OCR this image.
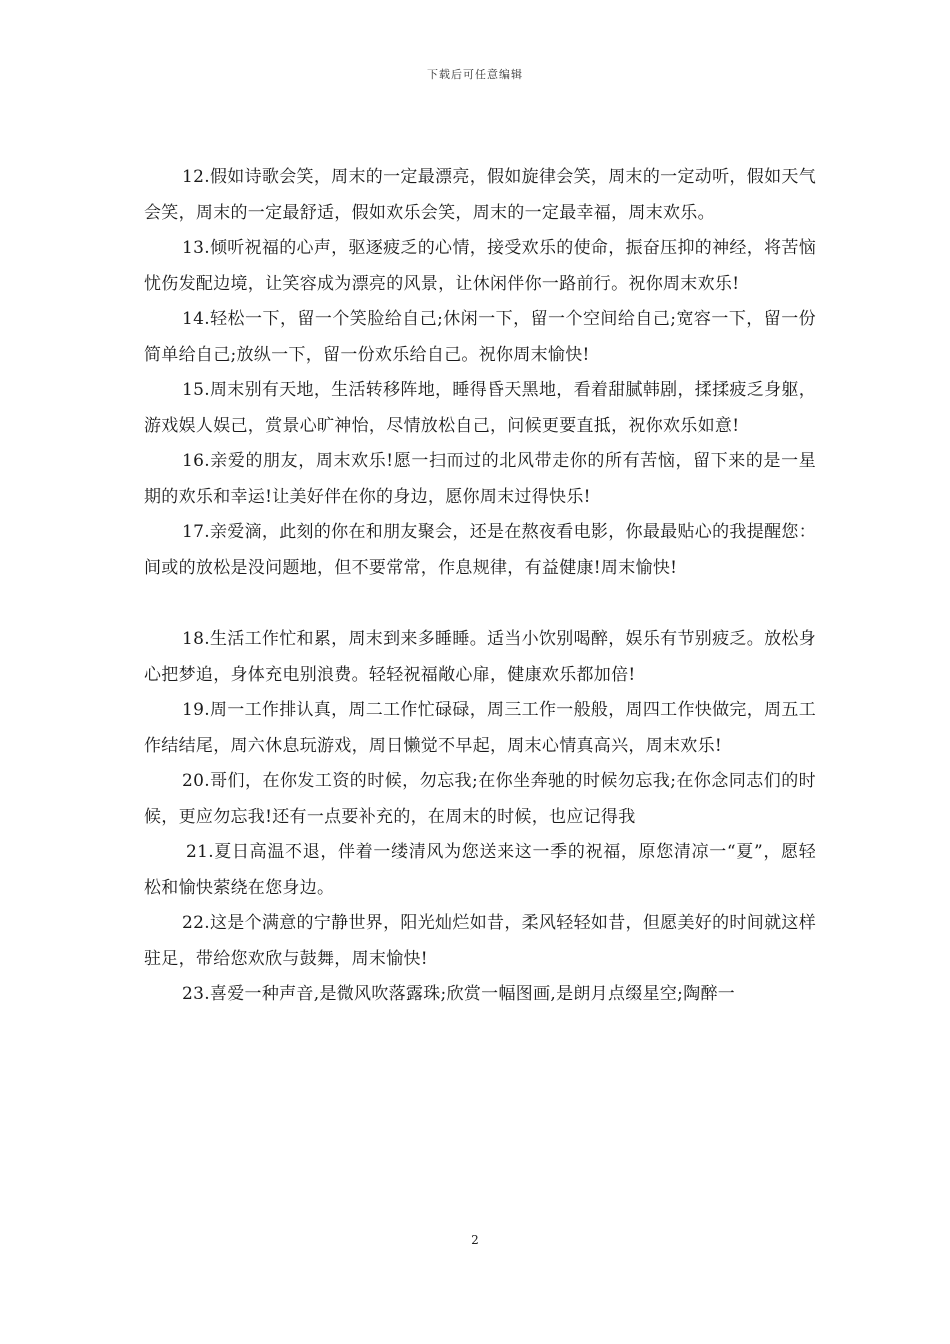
下载后可任意编辑

12.假如诗歌会笑，周末的一定最漂亮，假如旋律会笑，周末的一定动听，假如天气会笑，周末的一定最舒适，假如欢乐会笑，周末的一定最幸福，周末欢乐。

13.倾听祝福的心声，驱逐疲乏的心情，接受欢乐的使命，振奋压抑的神经，将苦恼忧伤发配边境，让笑容成为漂亮的风景，让休闲伴你一路前行。祝你周末欢乐!

14.轻松一下，留一个笑脸给自己;休闲一下，留一个空间给自己;宽容一下，留一份简单给自己;放纵一下，留一份欢乐给自己。祝你周末愉快!

15.周末别有天地，生活转移阵地，睡得昏天黑地，看着甜腻韩剧，揉揉疲乏身躯，游戏娱人娱己，赏景心旷神怡，尽情放松自己，问候更要直抵，祝你欢乐如意!

16.亲爱的朋友，周末欢乐!愿一扫而过的北风带走你的所有苦恼，留下来的是一星期的欢乐和幸运!让美好伴在你的身边，愿你周末过得快乐!

17.亲爱滴，此刻的你在和朋友聚会，还是在熬夜看电影，你最最贴心的我提醒您：间或的放松是没问题地，但不要常常，作息规律，有益健康!周末愉快!

18.生活工作忙和累，周末到来多睡睡。适当小饮别喝醉，娱乐有节别疲乏。放松身心把梦追，身体充电别浪费。轻轻祝福敞心扉，健康欢乐都加倍!

19.周一工作排认真，周二工作忙碌碌，周三工作一般般，周四工作快做完，周五工作结结尾，周六休息玩游戏，周日懒觉不早起，周末心情真高兴，周末欢乐!

20.哥们，在你发工资的时候，勿忘我;在你坐奔驰的时候勿忘我;在你念同志们的时候，更应勿忘我!还有一点要补充的，在周末的时候，也应记得我

21.夏日高温不退，伴着一缕清风为您送来这一季的祝福，原您清凉一“夏”，愿轻松和愉快萦绕在您身边。

22.这是个满意的宁静世界，阳光灿烂如昔，柔风轻轻如昔，但愿美好的时间就这样驻足，带给您欢欣与鼓舞，周末愉快!

23.喜爱一种声音,是微风吹落露珠;欣赏一幅图画,是朗月点缀星空;陶醉一

2
